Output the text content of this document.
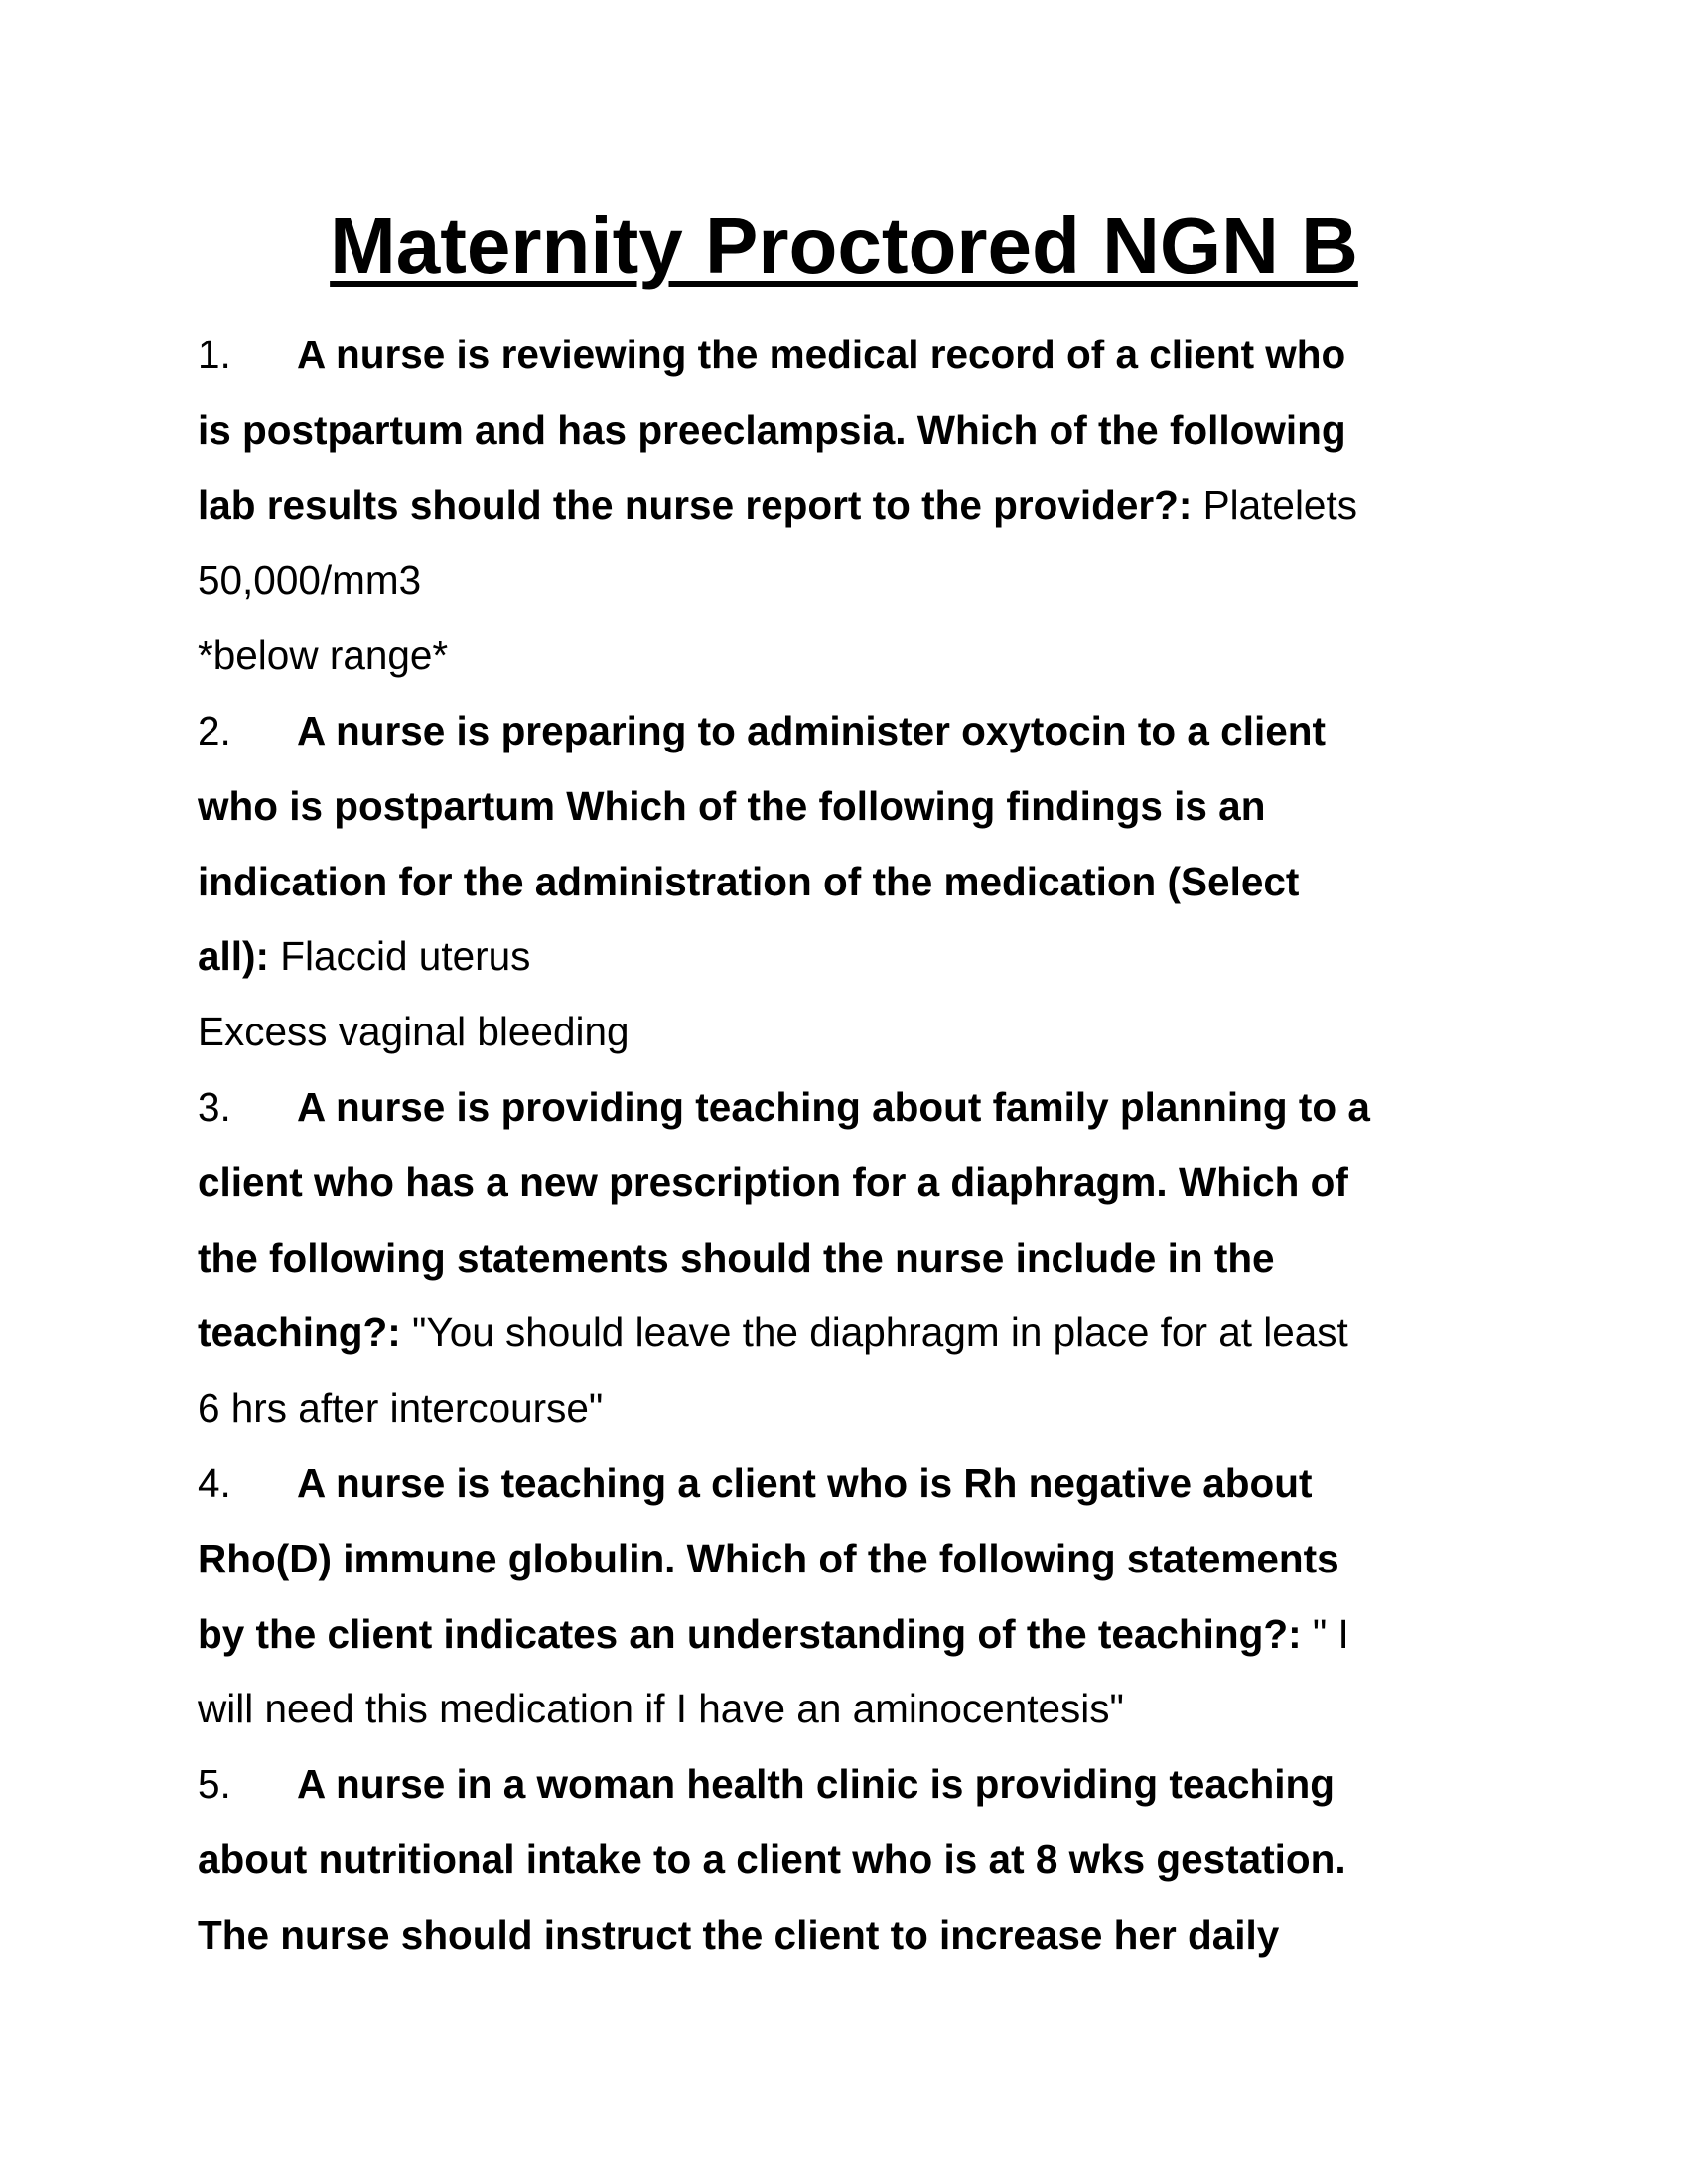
Maternity Proctored NGN B
1. A nurse is reviewing the medical record of a client who
is postpartum and has preeclampsia. Which of the following
lab results should the nurse report to the provider?: Platelets
50,000/mm3
*below range*
2. A nurse is preparing to administer oxytocin to a client
who is postpartum Which of the following findings is an
indication for the administration of the medication (Select
all): Flaccid uterus
Excess vaginal bleeding
3. A nurse is providing teaching about family planning to a
client who has a new prescription for a diaphragm. Which of
the following statements should the nurse include in the
teaching?: "You should leave the diaphragm in place for at least
6 hrs after intercourse"
4. A nurse is teaching a client who is Rh negative about
Rho(D) immune globulin. Which of the following statements
by the client indicates an understanding of the teaching?: " I
will need this medication if I have an aminocentesis"
5. A nurse in a woman health clinic is providing teaching
about nutritional intake to a client who is at 8 wks gestation.
The nurse should instruct the client to increase her daily
